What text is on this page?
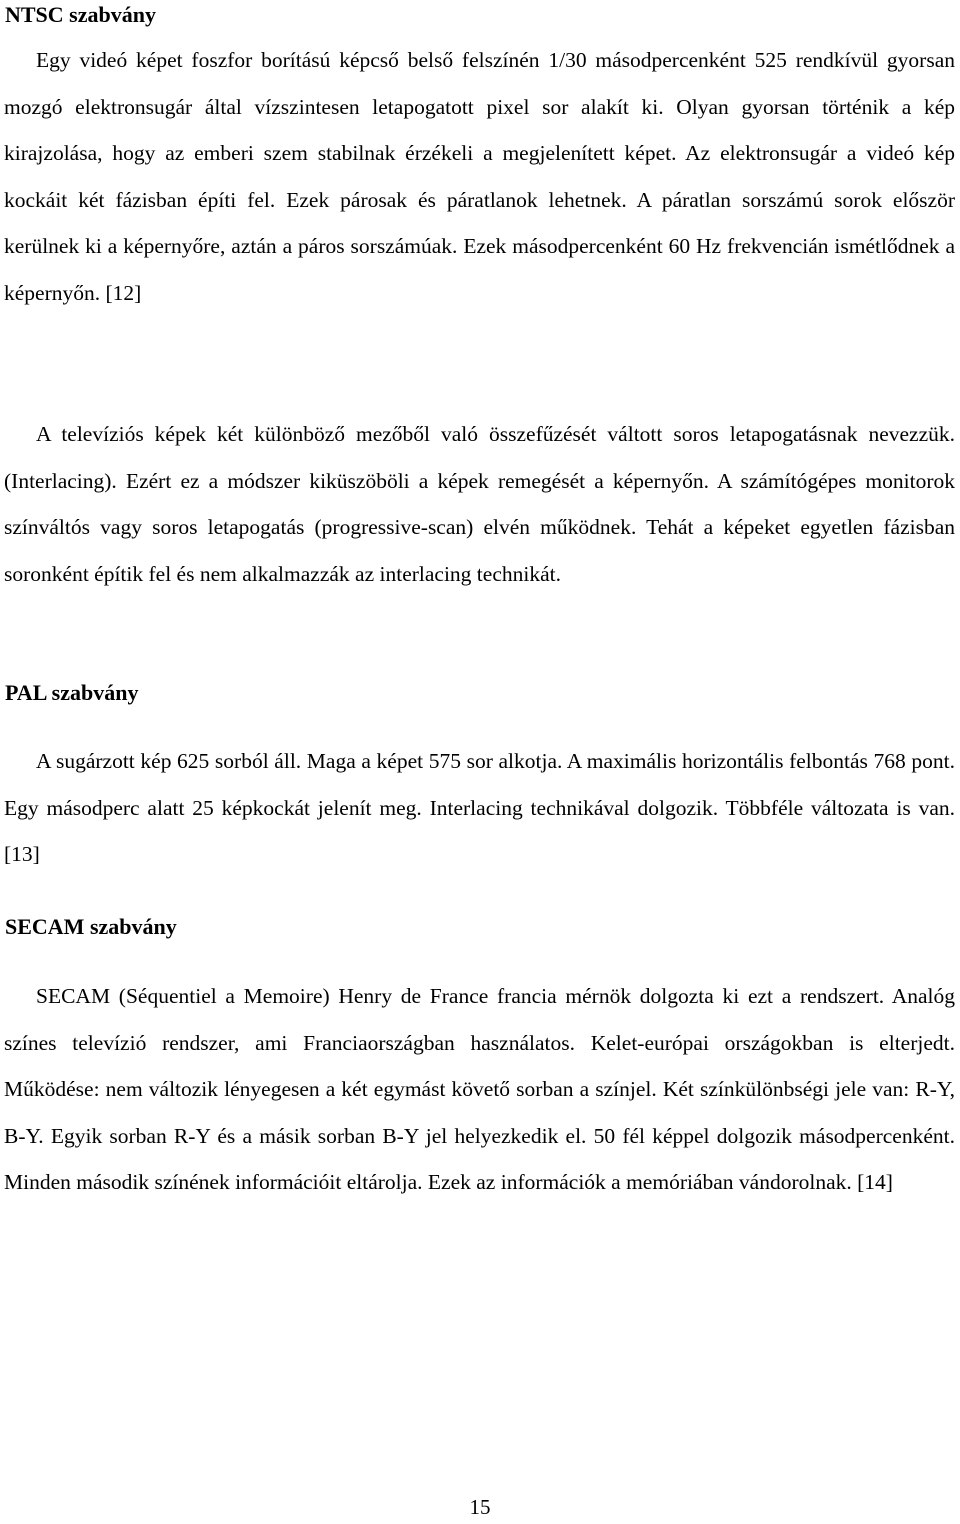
NTSC szabvány

Egy videó képet foszfor borítású képcső belső felszínén 1/30 másodpercenként 525 rendkívül gyorsan mozgó elektronsugár által vízszintesen letapogatott pixel sor alakít ki. Olyan gyorsan történik a kép kirajzolása, hogy az emberi szem stabilnak érzékeli a megjelenített képet. Az elektronsugár a videó kép kockáit két fázisban építi fel. Ezek párosak és páratlanok lehetnek. A páratlan sorszámú sorok először kerülnek ki a képernyőre, aztán a páros sorszámúak. Ezek másodpercenként 60 Hz frekvencián ismétlődnek a képernyőn. [12]

A televíziós képek két különböző mezőből való összefűzését váltott soros letapogatásnak nevezzük. (Interlacing). Ezért ez a módszer kiküszöböli a képek remegését a képernyőn. A számítógépes monitorok színváltós vagy soros letapogatás (progressive-scan) elvén működnek. Tehát a képeket egyetlen fázisban soronként építik fel és nem alkalmazzák az interlacing technikát.

PAL szabvány

A sugárzott kép 625 sorból áll. Maga a képet 575 sor alkotja. A maximális horizontális felbontás 768 pont. Egy másodperc alatt 25 képkockát jelenít meg. Interlacing technikával dolgozik. Többféle változata is van. [13]

SECAM szabvány

SECAM (Séquentiel a Memoire) Henry de France francia mérnök dolgozta ki ezt a rendszert. Analóg színes televízió rendszer, ami Franciaországban használatos. Kelet-európai országokban is elterjedt. Működése: nem változik lényegesen a két egymást követő sorban a színjel. Két színkülönbségi jele van: R-Y, B-Y. Egyik sorban R-Y és a másik sorban B-Y jel helyezkedik el. 50 fél képpel dolgozik másodpercenként. Minden második színének információit eltárolja. Ezek az információk a memóriában vándorolnak. [14]

15
